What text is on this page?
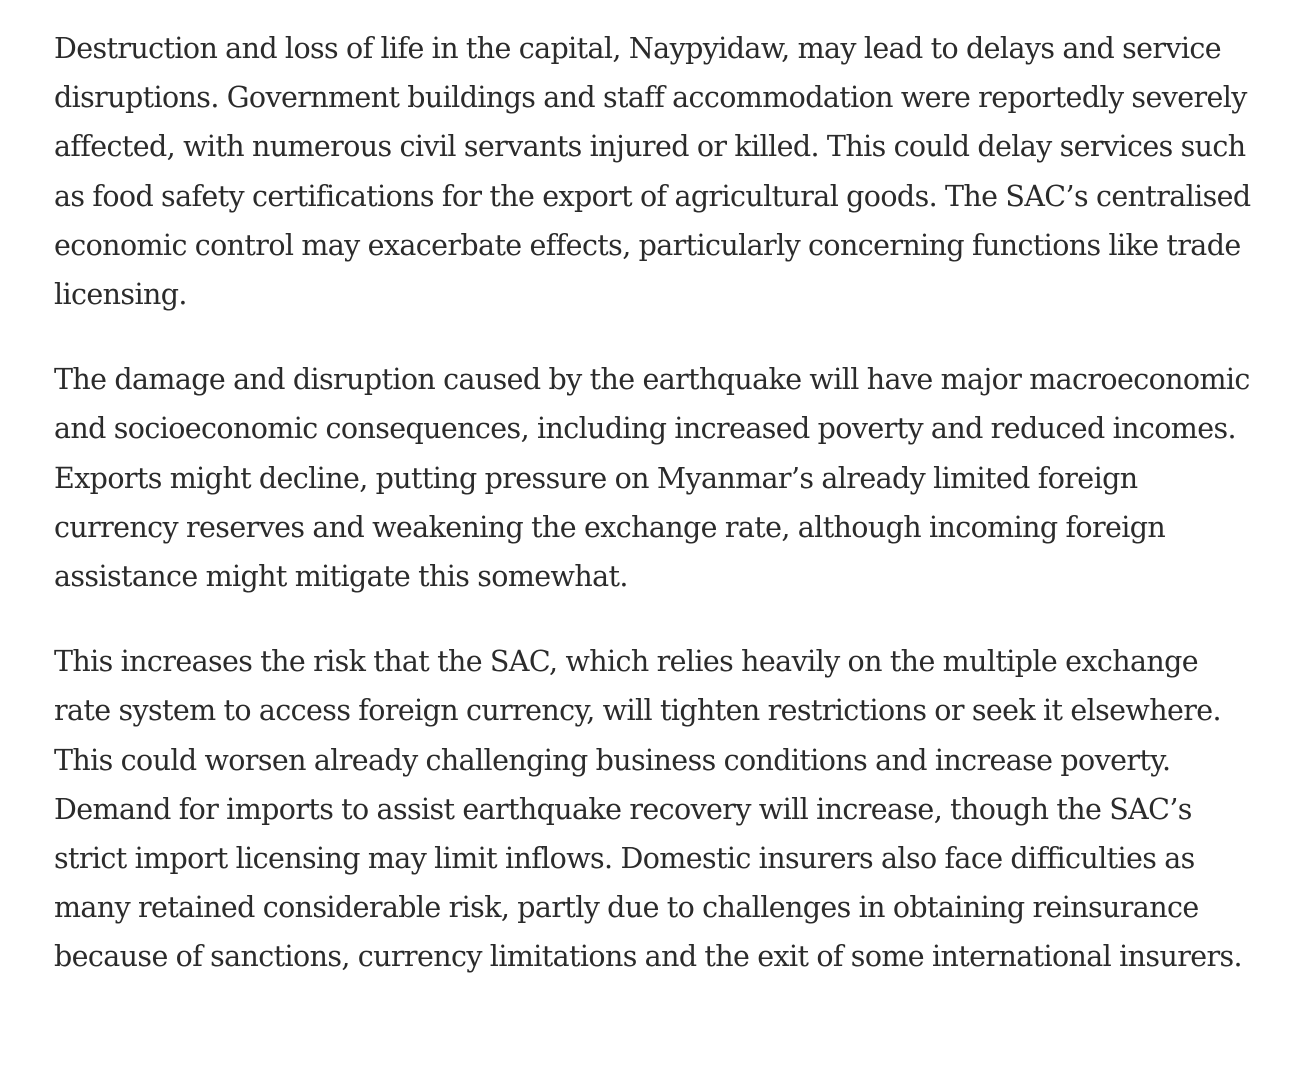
Destruction and loss of life in the capital, Naypyidaw, may lead to delays and service disruptions. Government buildings and staff accommodation were reportedly severely affected, with numerous civil servants injured or killed. This could delay services such as food safety certifications for the export of agricultural goods. The SAC’s centralised economic control may exacerbate effects, particularly concerning functions like trade licensing.

The damage and disruption caused by the earthquake will have major macroeconomic and socioeconomic consequences, including increased poverty and reduced incomes. Exports might decline, putting pressure on Myanmar’s already limited foreign currency reserves and weakening the exchange rate, although incoming foreign assistance might mitigate this somewhat.

This increases the risk that the SAC, which relies heavily on the multiple exchange rate system to access foreign currency, will tighten restrictions or seek it elsewhere. This could worsen already challenging business conditions and increase poverty. Demand for imports to assist earthquake recovery will increase, though the SAC’s strict import licensing may limit inflows. Domestic insurers also face difficulties as many retained considerable risk, partly due to challenges in obtaining reinsurance because of sanctions, currency limitations and the exit of some international insurers.
